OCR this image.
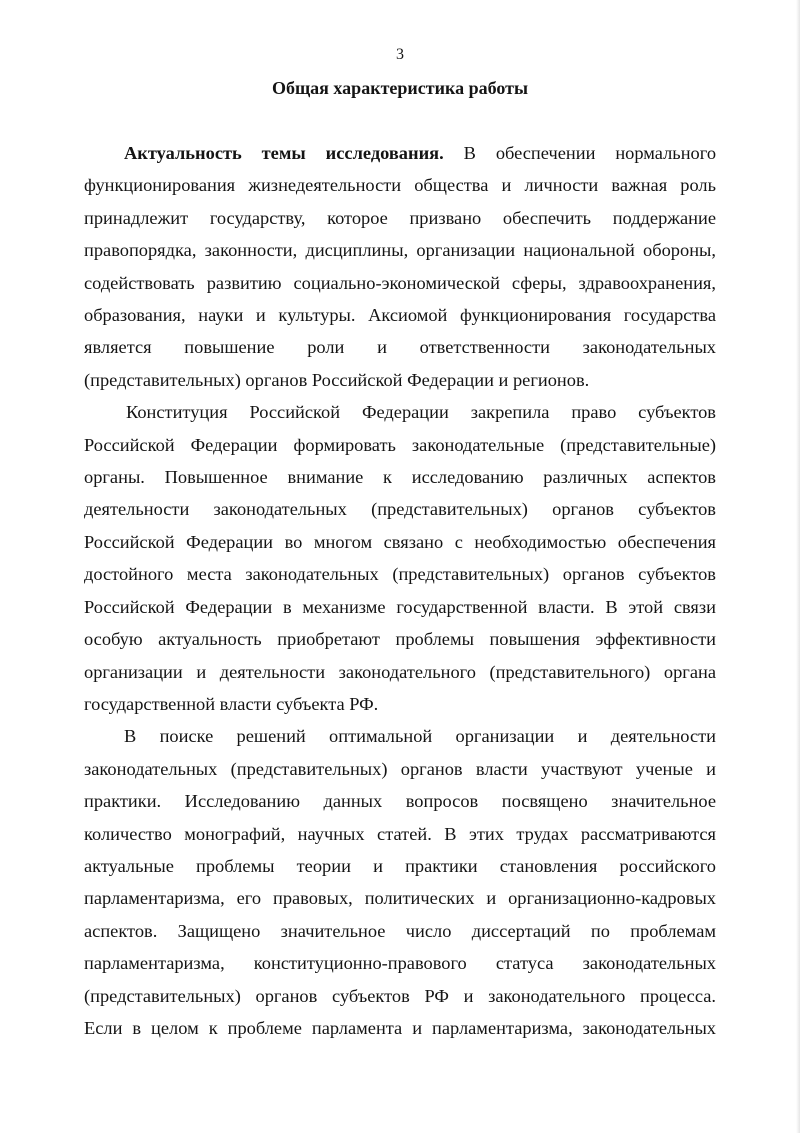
3
Общая характеристика работы

Актуальность темы исследования. В обеспечении нормального
функционирования жизнедеятельности общества и личности важная роль
принадлежит государству, которое призвано обеспечить поддержание
правопорядка, законности, дисциплины, организации национальной обороны,
содействовать развитию социально-экономической сферы, здравоохранения,
образования, науки и культуры. Аксиомой функционирования государства
является повышение роли и ответственности законодательных
(представительных) органов Российской Федерации и регионов.

Конституция Российской Федерации закрепила право субъектов
Российской Федерации формировать законодательные (представительные)
органы. Повышенное внимание к исследованию различных аспектов
деятельности законодательных (представительных) органов субъектов
Российской Федерации во многом связано с необходимостью обеспечения
достойного места законодательных (представительных) органов субъектов
Российской Федерации в механизме государственной власти. В этой связи
особую актуальность приобретают проблемы повышения эффективности
организации и деятельности законодательного (представительного) органа
государственной власти субъекта РФ.

В поиске решений оптимальной организации и деятельности
законодательных (представительных) органов власти участвуют ученые и
практики. Исследованию данных вопросов посвящено значительное
количество монографий, научных статей. В этих трудах рассматриваются
актуальные проблемы теории и практики становления российского
парламентаризма, его правовых, политических и организационно-кадровых
аспектов. Защищено значительное число диссертаций по проблемам
парламентаризма, конституционно-правового статуса законодательных
(представительных) органов субъектов РФ и законодательного процесса.
Если в целом к проблеме парламента и парламентаризма, законодательных
